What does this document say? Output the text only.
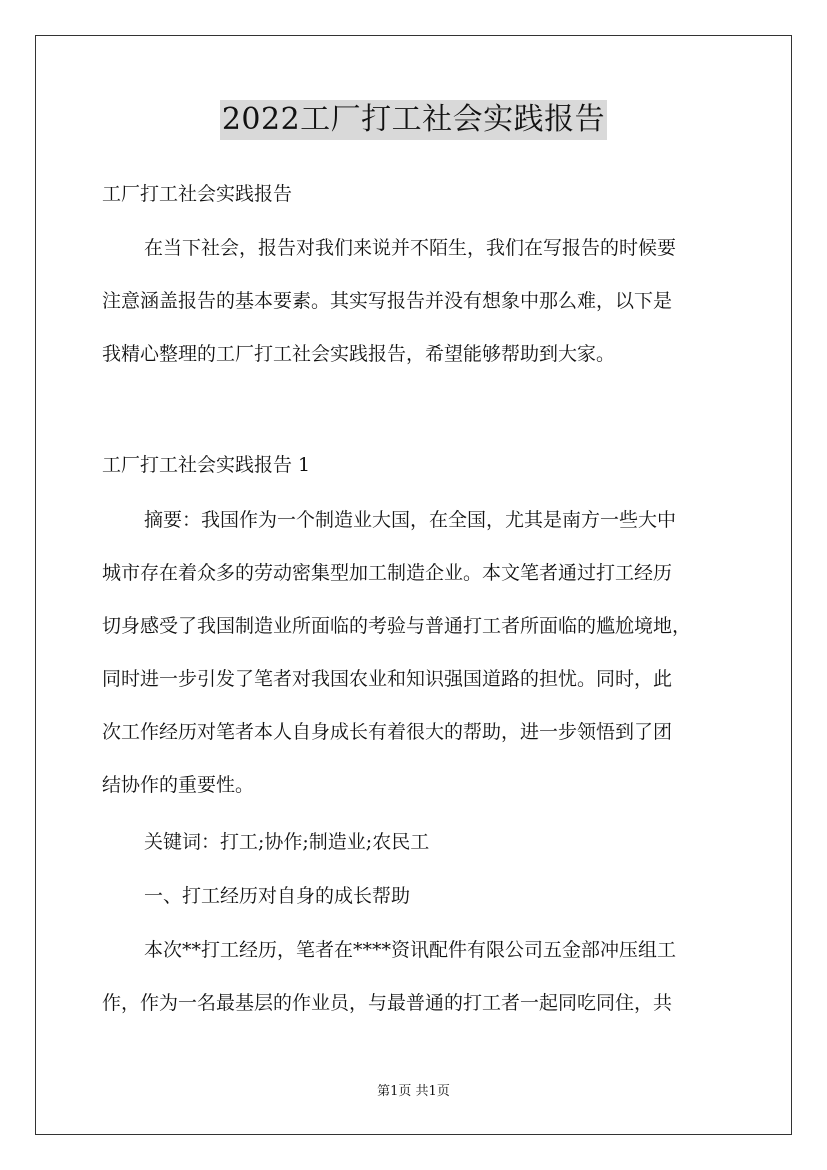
2022工厂打工社会实践报告
工厂打工社会实践报告
在当下社会，报告对我们来说并不陌生，我们在写报告的时候要
注意涵盖报告的基本要素。其实写报告并没有想象中那么难，以下是
我精心整理的工厂打工社会实践报告，希望能够帮助到大家。
工厂打工社会实践报告 1
摘要：我国作为一个制造业大国，在全国，尤其是南方一些大中
城市存在着众多的劳动密集型加工制造企业。本文笔者通过打工经历
切身感受了我国制造业所面临的考验与普通打工者所面临的尴尬境地，
同时进一步引发了笔者对我国农业和知识强国道路的担忧。同时，此
次工作经历对笔者本人自身成长有着很大的帮助，进一步领悟到了团
结协作的重要性。
关键词：打工;协作;制造业;农民工
一、打工经历对自身的成长帮助
本次**打工经历，笔者在****资讯配件有限公司五金部冲压组工
作，作为一名最基层的作业员，与最普通的打工者一起同吃同住，共
第1页 共1页
